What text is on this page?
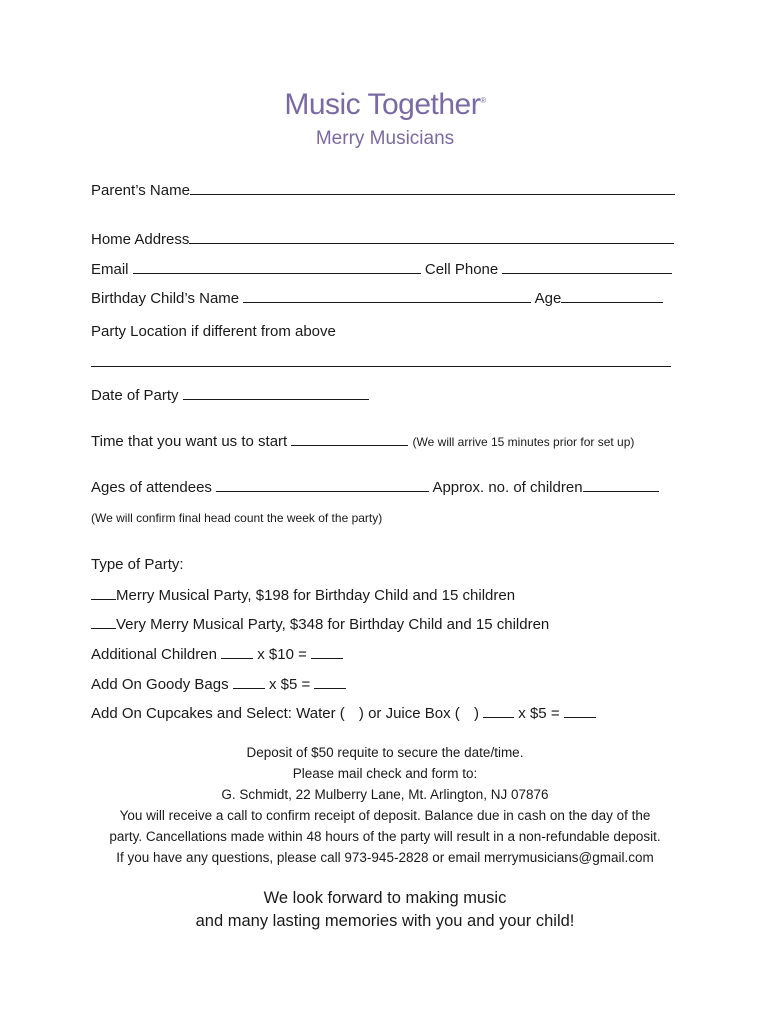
Music Together®
Merry Musicians
Parent’s Name
Home Address
Email	Cell Phone
Birthday Child’s Name	Age
Party Location if different from above
Date of Party
Time that you want us to start	(We will arrive 15 minutes prior for set up)
Ages of attendees	Approx. no. of children
(We will confirm final head count the week of the party)
Type of Party:
Merry Musical Party, $198 for Birthday Child and 15 children
Very Merry Musical Party, $348 for Birthday Child and 15 children
Additional Children	x $10 =
Add On Goody Bags	x $5 =
Add On Cupcakes and Select: Water ( ) or Juice Box ( )	x $5 =
Deposit of $50 requite to secure the date/time.
Please mail check and form to:
G. Schmidt, 22 Mulberry Lane, Mt. Arlington, NJ 07876
You will receive a call to confirm receipt of deposit. Balance due in cash on the day of the
party. Cancellations made within 48 hours of the party will result in a non-refundable deposit.
If you have any questions, please call 973-945-2828 or email merrymusicians@gmail.com
We look forward to making music
and many lasting memories with you and your child!
